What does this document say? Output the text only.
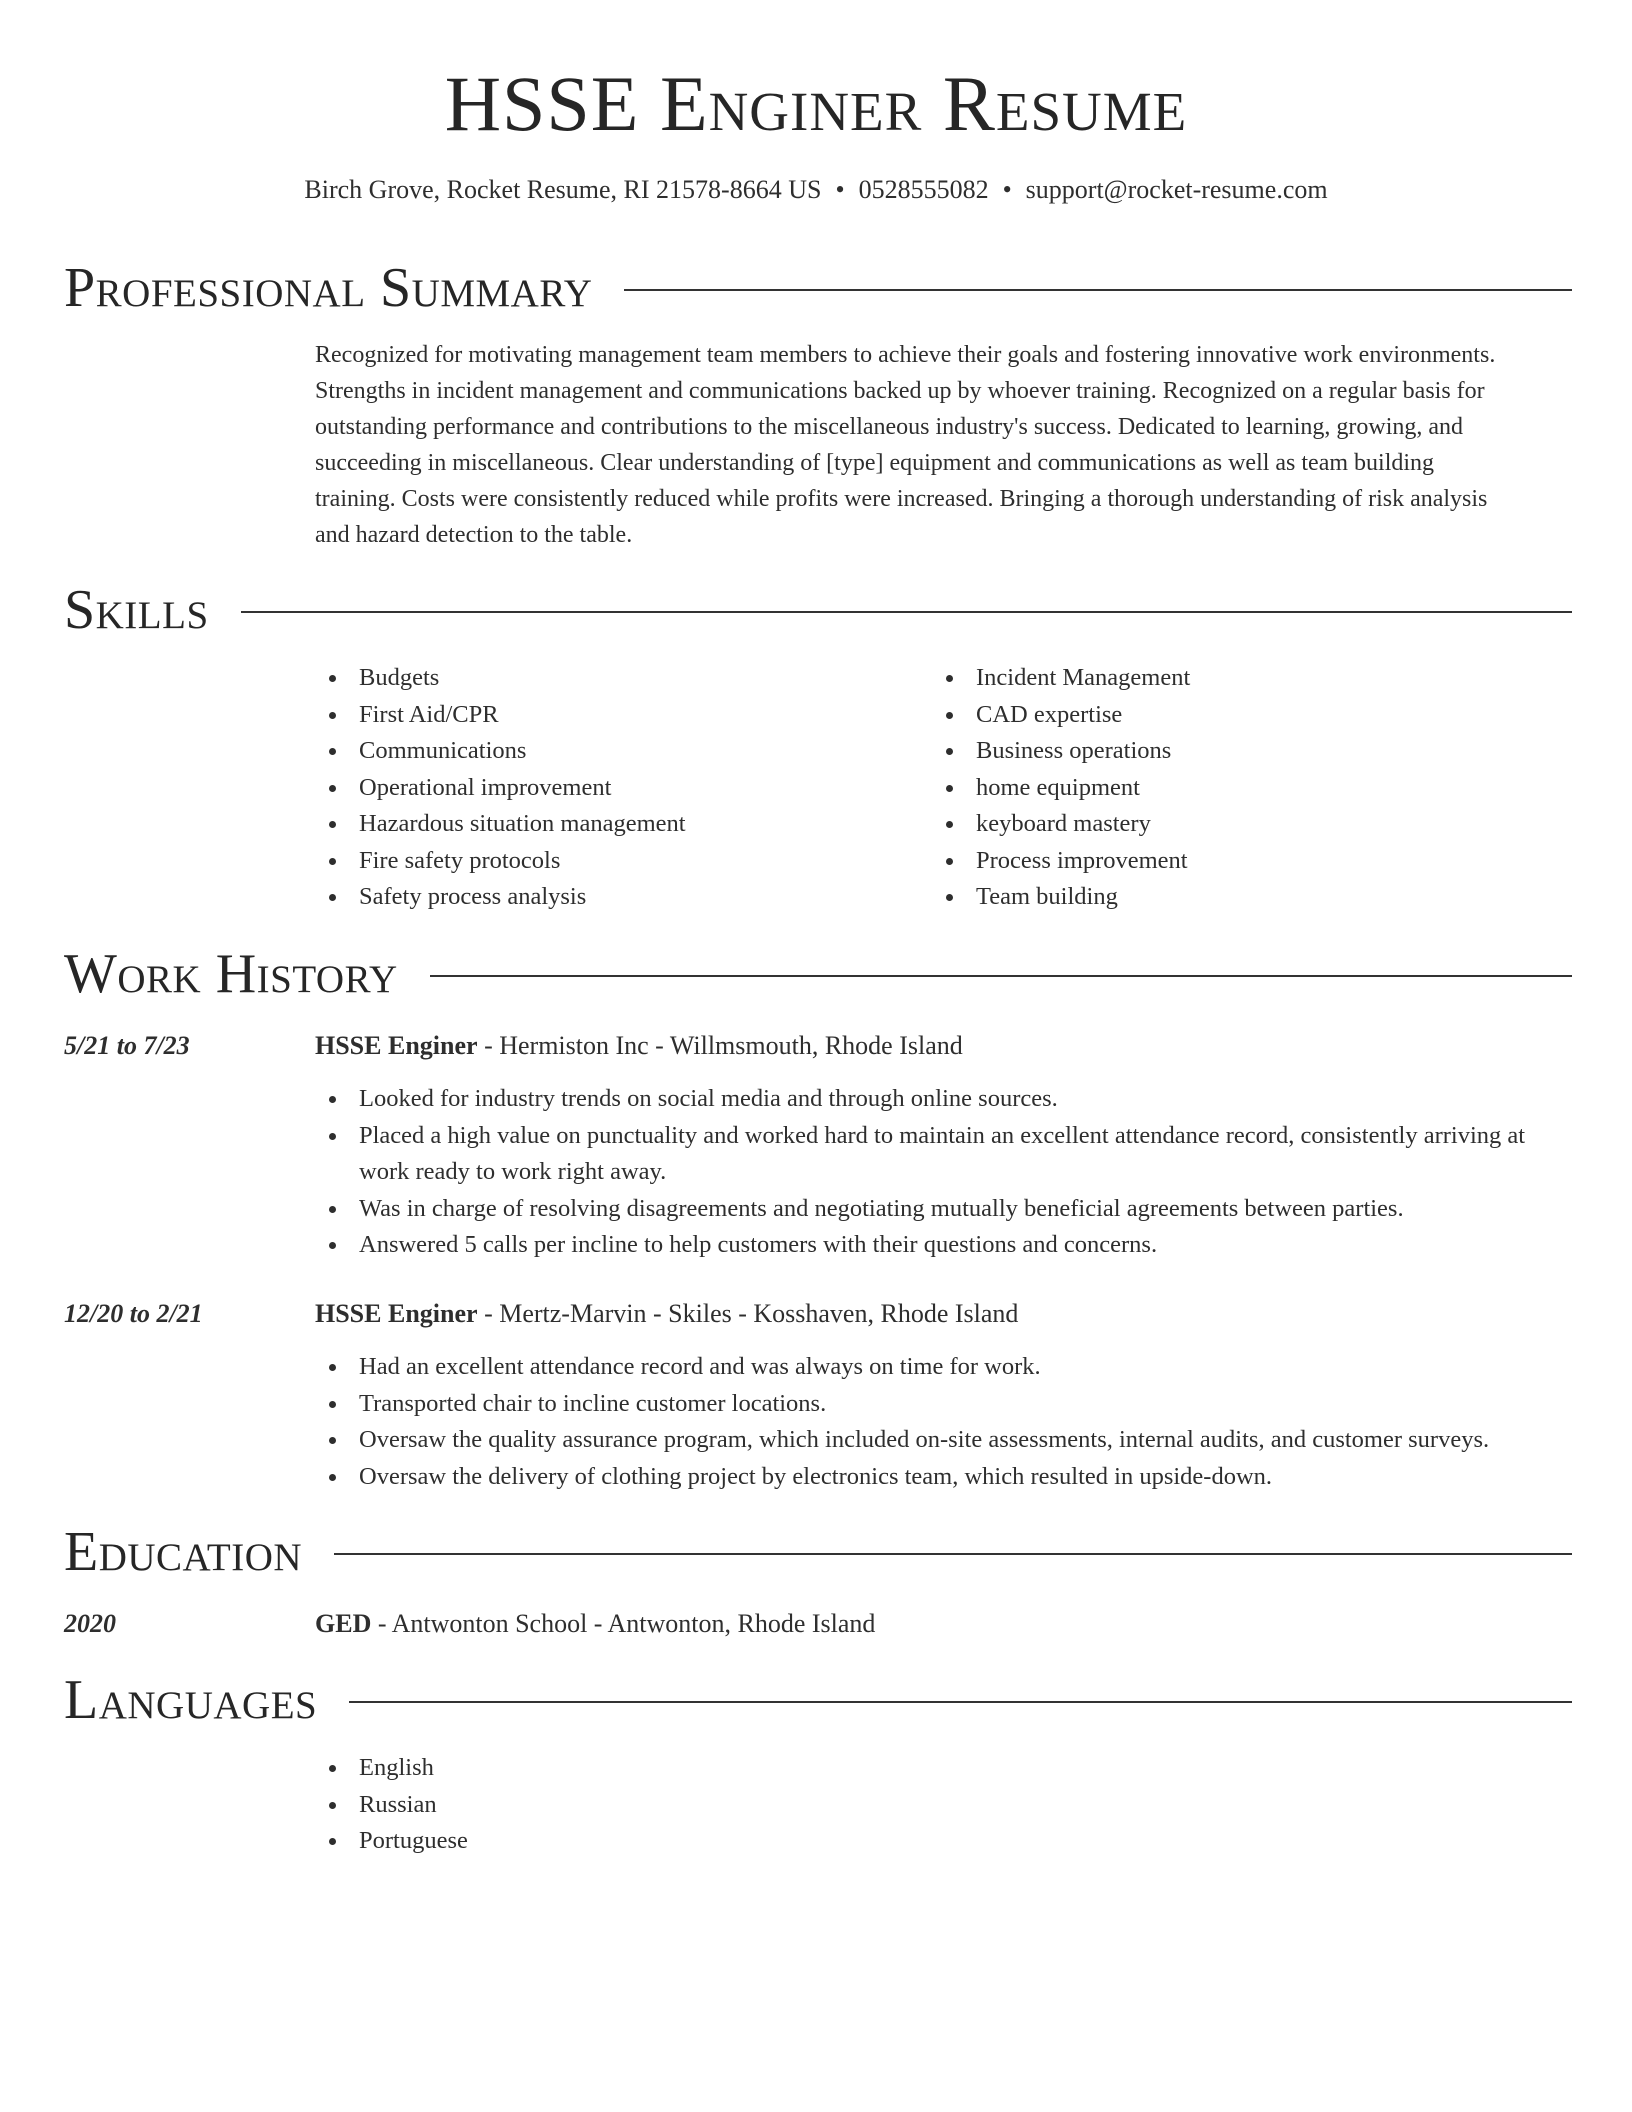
HSSE Enginer Resume
Birch Grove, Rocket Resume, RI 21578-8664 US • 0528555082 • support@rocket-resume.com
Professional Summary
Recognized for motivating management team members to achieve their goals and fostering innovative work environments.
Strengths in incident management and communications backed up by whoever training. Recognized on a regular basis for
outstanding performance and contributions to the miscellaneous industry's success. Dedicated to learning, growing, and
succeeding in miscellaneous. Clear understanding of [type] equipment and communications as well as team building
training. Costs were consistently reduced while profits were increased. Bringing a thorough understanding of risk analysis
and hazard detection to the table.
Skills
Budgets
First Aid/CPR
Communications
Operational improvement
Hazardous situation management
Fire safety protocols
Safety process analysis
Incident Management
CAD expertise
Business operations
home equipment
keyboard mastery
Process improvement
Team building
Work History
5/21 to 7/23	HSSE Enginer - Hermiston Inc - Willmsmouth, Rhode Island
Looked for industry trends on social media and through online sources.
Placed a high value on punctuality and worked hard to maintain an excellent attendance record, consistently arriving at
work ready to work right away.
Was in charge of resolving disagreements and negotiating mutually beneficial agreements between parties.
Answered 5 calls per incline to help customers with their questions and concerns.
12/20 to 2/21	HSSE Enginer - Mertz-Marvin - Skiles - Kosshaven, Rhode Island
Had an excellent attendance record and was always on time for work.
Transported chair to incline customer locations.
Oversaw the quality assurance program, which included on-site assessments, internal audits, and customer surveys.
Oversaw the delivery of clothing project by electronics team, which resulted in upside-down.
Education
2020	GED - Antwonton School - Antwonton, Rhode Island
Languages
English
Russian
Portuguese
